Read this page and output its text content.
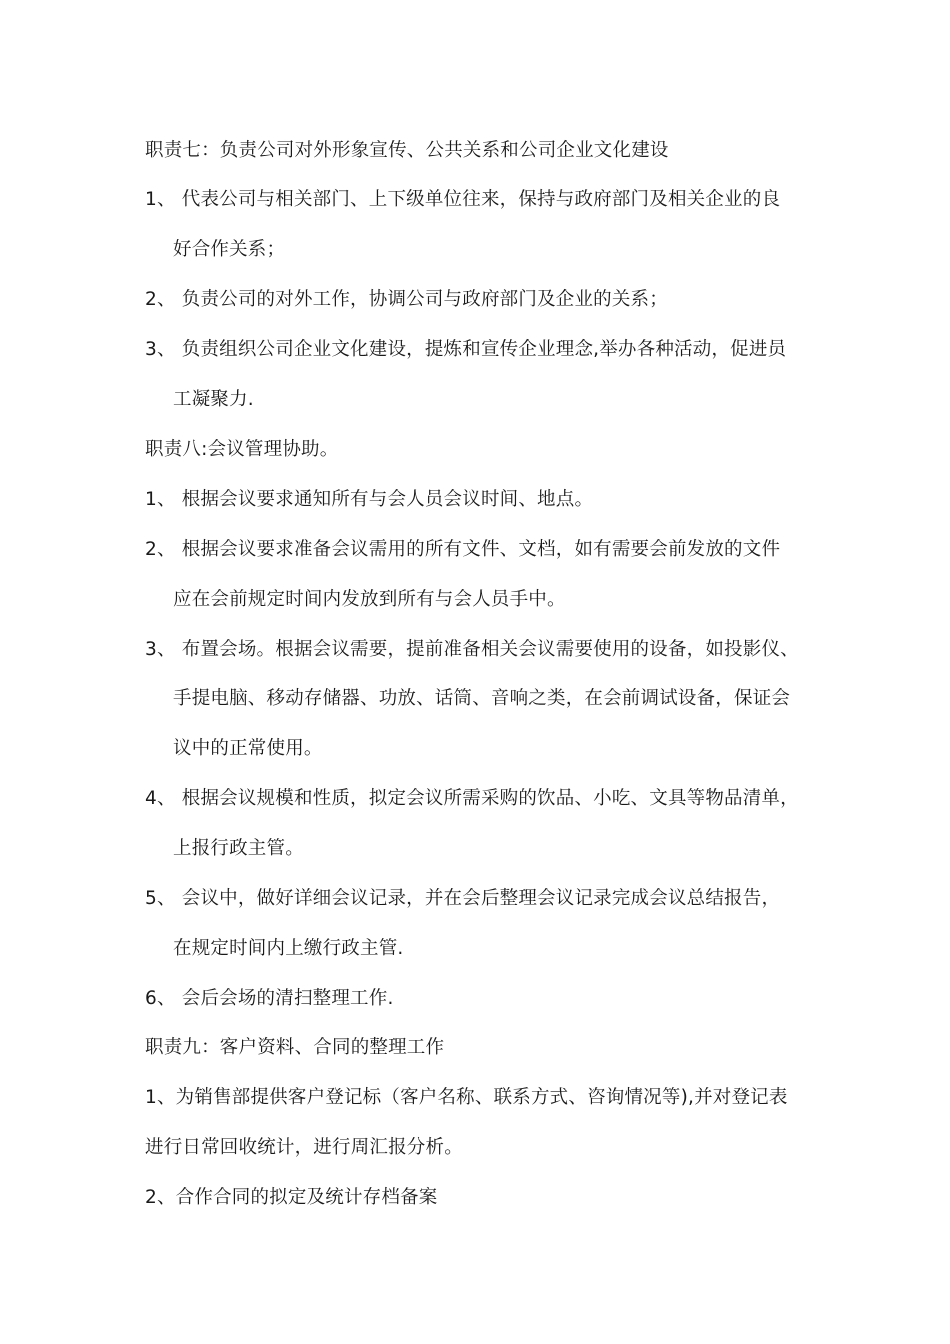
职责七：负责公司对外形象宣传、公共关系和公司企业文化建设
1、 代表公司与相关部门、上下级单位往来，保持与政府部门及相关企业的良
好合作关系；
2、 负责公司的对外工作，协调公司与政府部门及企业的关系；
3、 负责组织公司企业文化建设，提炼和宣传企业理念,举办各种活动，促进员
工凝聚力.
职责八:会议管理协助。
1、 根据会议要求通知所有与会人员会议时间、地点。
2、 根据会议要求准备会议需用的所有文件、文档，如有需要会前发放的文件
应在会前规定时间内发放到所有与会人员手中。
3、 布置会场。根据会议需要，提前准备相关会议需要使用的设备，如投影仪、
手提电脑、移动存储器、功放、话筒、音响之类，在会前调试设备，保证会
议中的正常使用。
4、 根据会议规模和性质，拟定会议所需采购的饮品、小吃、文具等物品清单，
上报行政主管。
5、 会议中，做好详细会议记录，并在会后整理会议记录完成会议总结报告，
在规定时间内上缴行政主管.
6、 会后会场的清扫整理工作.
职责九：客户资料、合同的整理工作
1、为销售部提供客户登记标（客户名称、联系方式、咨询情况等),并对登记表
进行日常回收统计，进行周汇报分析。
2、合作合同的拟定及统计存档备案
